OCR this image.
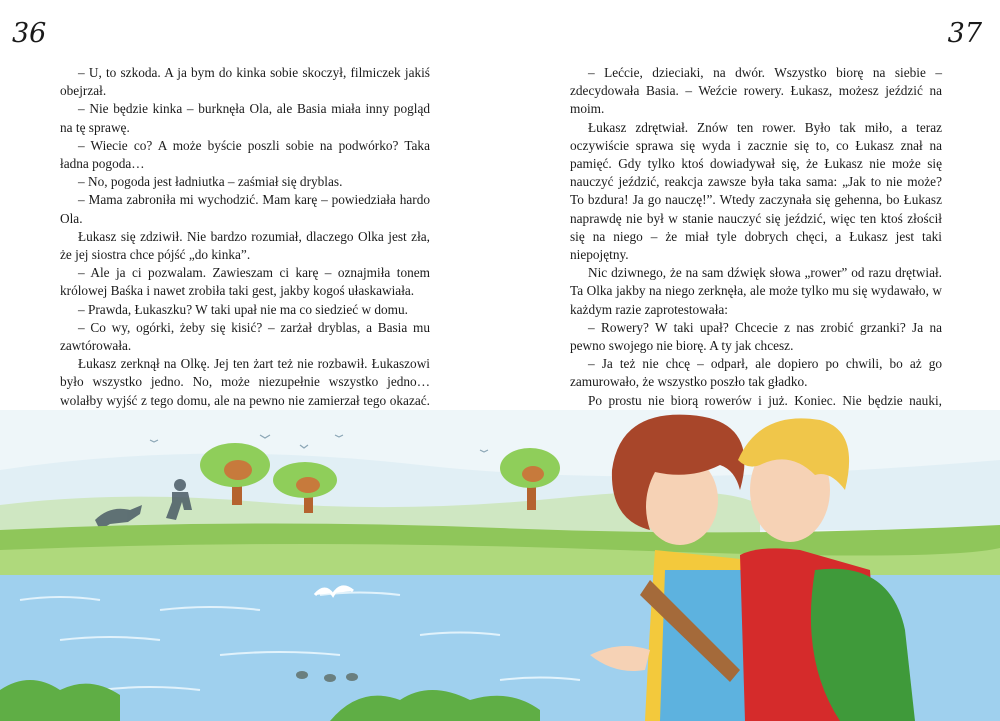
36	37

– U, to szkoda. A ja bym do kinka sobie skoczył, filmiczek jakiś obejrzał.

– Nie będzie kinka – burknęła Ola, ale Basia miała inny pogląd na tę sprawę.

– Wiecie co? A może byście poszli sobie na podwórko? Taka ładna pogoda…

– No, pogoda jest ładniutka – zaśmiał się dryblas.

– Mama zabroniła mi wychodzić. Mam karę – powiedziała hardo Ola.

Łukasz się zdziwił. Nie bardzo rozumiał, dlaczego Olka jest zła, że jej siostra chce pójść „do kinka”.

– Ale ja ci pozwalam. Zawieszam ci karę – oznajmiła tonem królowej Baśka i nawet zrobiła taki gest, jakby kogoś ułaskawiała.

– Prawda, Łukaszku? W taki upał nie ma co siedzieć w domu.

– Co wy, ogórki, żeby się kisić? – zarżał dryblas, a Basia mu zawtórowała.

Łukasz zerknął na Olkę. Jej ten żart też nie rozbawił. Łukaszowi było wszystko jedno. No, może niezupełnie wszystko jedno… wolałby wyjść z tego domu, ale na pewno nie zamierzał tego okazać.

– Lećcie, dzieciaki, na dwór. Wszystko biorę na siebie – zdecydowała Basia. – Weźcie rowery. Łukasz, możesz jeździć na moim.

Łukasz zdrętwiał. Znów ten rower. Było tak miło, a teraz oczywiście sprawa się wyda i zacznie się to, co Łukasz znał na pamięć. Gdy tylko ktoś dowiadywał się, że Łukasz nie może się nauczyć jeździć, reakcja zawsze była taka sama: „Jak to nie może? To bzdura! Ja go nauczę!”. Wtedy zaczynała się gehenna, bo Łukasz naprawdę nie był w stanie nauczyć się jeździć, więc ten ktoś złościł się na niego – że miał tyle dobrych chęci, a Łukasz jest taki niepojętny.

Nic dziwnego, że na sam dźwięk słowa „rower” od razu drętwiał. Ta Olka jakby na niego zerknęła, ale może tylko mu się wydawało, w każdym razie zaprotestowała:

– Rowery? W taki upał? Chcecie z nas zrobić grzanki? Ja na pewno swojego nie biorę. A ty jak chcesz.

– Ja też nie chcę – odparł, ale dopiero po chwili, bo aż go zamurowało, że wszystko poszło tak gładko.

Po prostu nie biorą rowerów i już. Koniec. Nie będzie nauki,
